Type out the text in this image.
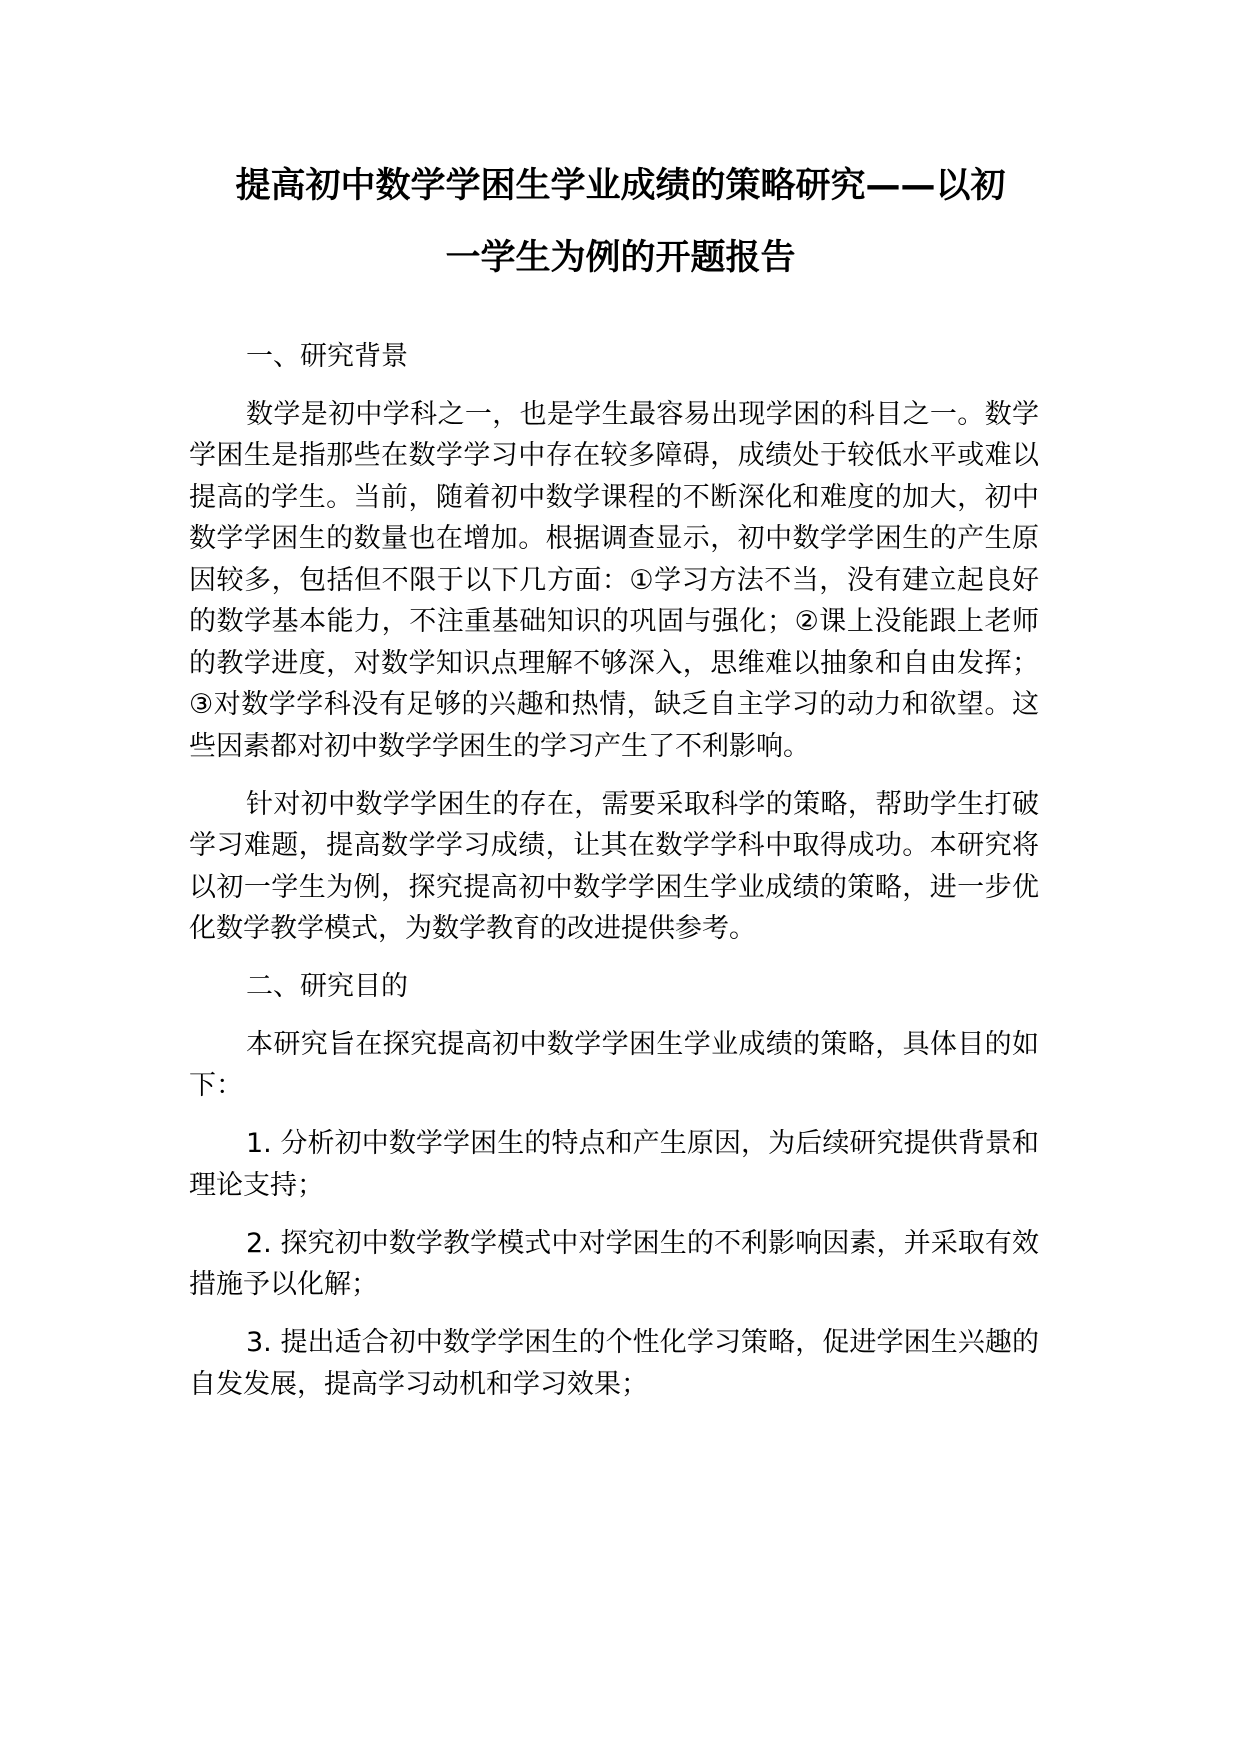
提高初中数学学困生学业成绩的策略研究——以初
一学生为例的开题报告
一、研究背景
数学是初中学科之一，也是学生最容易出现学困的科目之一。数学
学困生是指那些在数学学习中存在较多障碍，成绩处于较低水平或难以
提高的学生。当前，随着初中数学课程的不断深化和难度的加大，初中
数学学困生的数量也在增加。根据调查显示，初中数学学困生的产生原
因较多，包括但不限于以下几方面：①学习方法不当，没有建立起良好
的数学基本能力，不注重基础知识的巩固与强化；②课上没能跟上老师
的教学进度，对数学知识点理解不够深入，思维难以抽象和自由发挥；
③对数学学科没有足够的兴趣和热情，缺乏自主学习的动力和欲望。这
些因素都对初中数学学困生的学习产生了不利影响。
针对初中数学学困生的存在，需要采取科学的策略，帮助学生打破
学习难题，提高数学学习成绩，让其在数学学科中取得成功。本研究将
以初一学生为例，探究提高初中数学学困生学业成绩的策略，进一步优
化数学教学模式，为数学教育的改进提供参考。
二、研究目的
本研究旨在探究提高初中数学学困生学业成绩的策略，具体目的如
下：
1. 分析初中数学学困生的特点和产生原因，为后续研究提供背景和
理论支持；
2. 探究初中数学教学模式中对学困生的不利影响因素，并采取有效
措施予以化解；
3. 提出适合初中数学学困生的个性化学习策略，促进学困生兴趣的
自发发展，提高学习动机和学习效果；
